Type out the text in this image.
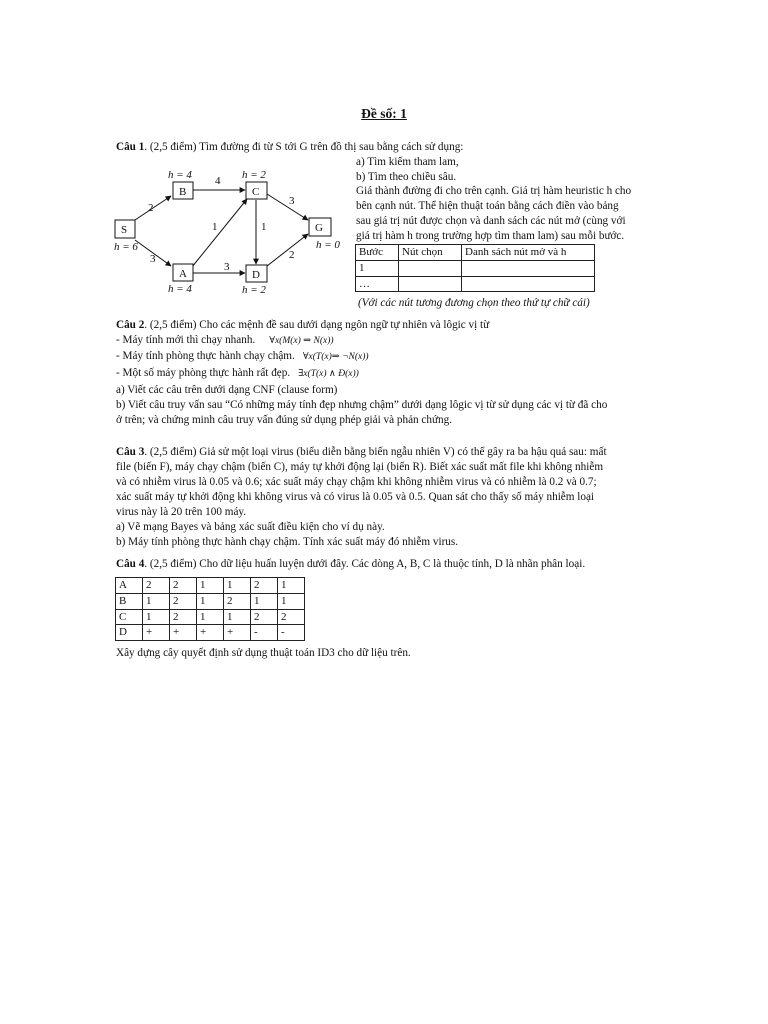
Đề số: 1
Câu 1. (2,5 điểm) Tìm đường đi từ S tới G trên đồ thị sau bằng cách sử dụng:
S
B	C
A	D
G
h = 6
h = 4	h = 2
h = 4	h = 2
h = 0
2
3
4
1	1
3
3
2
a) Tìm kiếm tham lam,
b) Tìm theo chiều sâu.
Giá thành đường đi cho trên cạnh. Giá trị hàm heuristic h cho
bên cạnh nút. Thể hiện thuật toán bằng cách điền vào bảng
sau giá trị nút được chọn và danh sách các nút mở (cùng với
giá trị hàm h trong trường hợp tìm tham lam) sau mỗi bước.
Bước	Nút chọn	Danh sách nút mở và h
1		
…		
(Với các nút tương đương chọn theo thứ tự chữ cái)
Câu 2. (2,5 điểm) Cho các mệnh đề sau dưới dạng ngôn ngữ tự nhiên và lôgic vị từ
- Máy tính mới thì chạy nhanh. ∀x(M(x) ⇒ N(x))
- Máy tính phòng thực hành chạy chậm. ∀x(T(x)⇒ ¬N(x))
- Một số máy phòng thực hành rất đẹp. ∃x(T(x) ∧ Đ(x))
a) Viết các câu trên dưới dạng CNF (clause form)
b) Viết câu truy vấn sau “Có những máy tính đẹp nhưng chậm” dưới dạng lôgic vị từ sử dụng các vị từ đã cho
ở trên; và chứng minh câu truy vấn đúng sử dụng phép giải và phản chứng.
Câu 3. (2,5 điểm) Giả sử một loại virus (biểu diễn bằng biến ngẫu nhiên V) có thể gây ra ba hậu quả sau: mất
file (biến F), máy chạy chậm (biến C), máy tự khởi động lại (biến R). Biết xác suất mất file khi không nhiễm
và có nhiễm virus là 0.05 và 0.6; xác suất máy chạy chậm khi không nhiễm virus và có nhiễm là 0.2 và 0.7;
xác suất máy tự khởi động khi không virus và có virus là 0.05 và 0.5. Quan sát cho thấy số máy nhiễm loại
virus này là 20 trên 100 máy.
a) Vẽ mạng Bayes và bảng xác suất điều kiện cho ví dụ này.
b) Máy tính phòng thực hành chạy chậm. Tính xác suất máy đó nhiễm virus.
Câu 4. (2,5 điểm) Cho dữ liệu huấn luyện dưới đây. Các dòng A, B, C là thuộc tính, D là nhãn phân loại.
A	2	2	1	1	2	1
B	1	2	1	2	1	1
C	1	2	1	1	2	2
D	+	+	+	+	-	-
Xây dựng cây quyết định sử dụng thuật toán ID3 cho dữ liệu trên.
